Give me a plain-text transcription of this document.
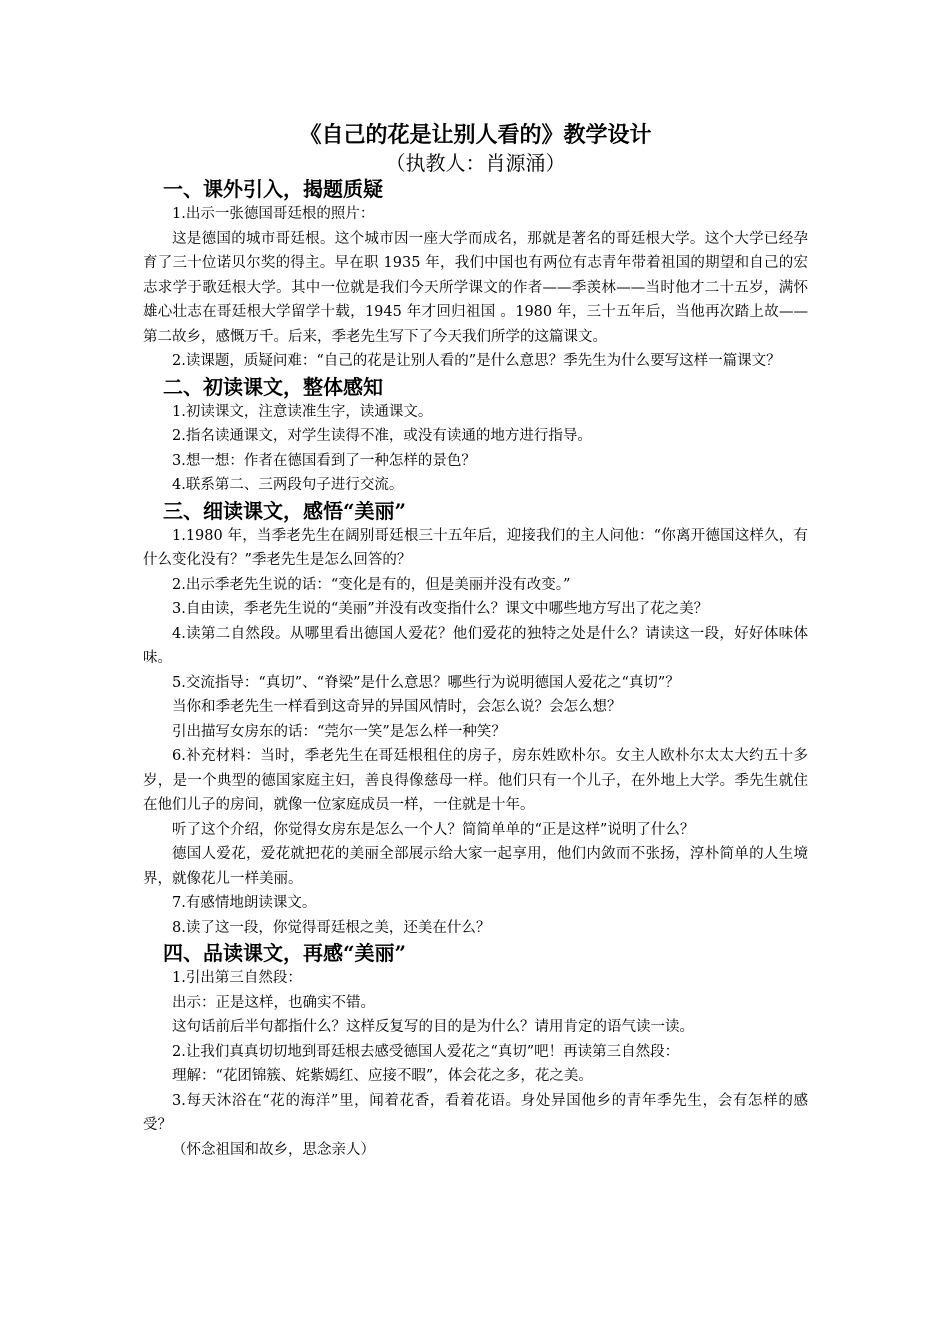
《自己的花是让别人看的》教学设计
（执教人：肖源涌）
一、课外引入，揭题质疑
1.出示一张德国哥廷根的照片：
这是德国的城市哥廷根。这个城市因一座大学而成名，那就是著名的哥廷根大学。这个大学已经孕育了三十位诺贝尔奖的得主。早在职 1935 年，我们中国也有两位有志青年带着祖国的期望和自己的宏志求学于歌廷根大学。其中一位就是我们今天所学课文的作者——季羡林——当时他才二十五岁，满怀雄心壮志在哥廷根大学留学十载，1945 年才回归祖国 。1980 年，三十五年后，当他再次踏上故——第二故乡，感慨万千。后来，季老先生写下了今天我们所学的这篇课文。
2.读课题，质疑问难：“自己的花是让别人看的”是什么意思？季先生为什么要写这样一篇课文？
二、初读课文，整体感知
1.初读课文，注意读准生字，读通课文。
2.指名读通课文，对学生读得不准，或没有读通的地方进行指导。
3.想一想：作者在德国看到了一种怎样的景色？
4.联系第二、三两段句子进行交流。
三、细读课文，感悟“美丽”
1.1980 年，当季老先生在阔别哥廷根三十五年后，迎接我们的主人问他：“你离开德国这样久，有什么变化没有？”季老先生是怎么回答的？
2.出示季老先生说的话：“变化是有的，但是美丽并没有改变。”
3.自由读，季老先生说的“美丽”并没有改变指什么？课文中哪些地方写出了花之美？
4.读第二自然段。从哪里看出德国人爱花？他们爱花的独特之处是什么？请读这一段，好好体味体味。
5.交流指导：“真切”、“脊梁”是什么意思？哪些行为说明德国人爱花之“真切”？
当你和季老先生一样看到这奇异的异国风情时，会怎么说？会怎么想？
引出描写女房东的话：“莞尔一笑”是怎么样一种笑？
6.补充材料：当时，季老先生在哥廷根租住的房子，房东姓欧朴尔。女主人欧朴尔太太大约五十多岁，是一个典型的德国家庭主妇，善良得像慈母一样。他们只有一个儿子，在外地上大学。季先生就住在他们儿子的房间，就像一位家庭成员一样，一住就是十年。
听了这个介绍，你觉得女房东是怎么一个人？简简单单的“正是这样”说明了什么？
德国人爱花，爱花就把花的美丽全部展示给大家一起享用，他们内敛而不张扬，淳朴简单的人生境界，就像花儿一样美丽。
7.有感情地朗读课文。
8.读了这一段，你觉得哥廷根之美，还美在什么？
四、品读课文，再感“美丽”
1.引出第三自然段：
出示：正是这样，也确实不错。
这句话前后半句都指什么？这样反复写的目的是为什么？请用肯定的语气读一读。
2.让我们真真切切地到哥廷根去感受德国人爱花之“真切”吧！再读第三自然段：
理解：“花团锦簇、姹紫嫣红、应接不暇”，体会花之多，花之美。
3.每天沐浴在“花的海洋”里，闻着花香，看着花语。身处异国他乡的青年季先生，会有怎样的感受？
（怀念祖国和故乡，思念亲人）
